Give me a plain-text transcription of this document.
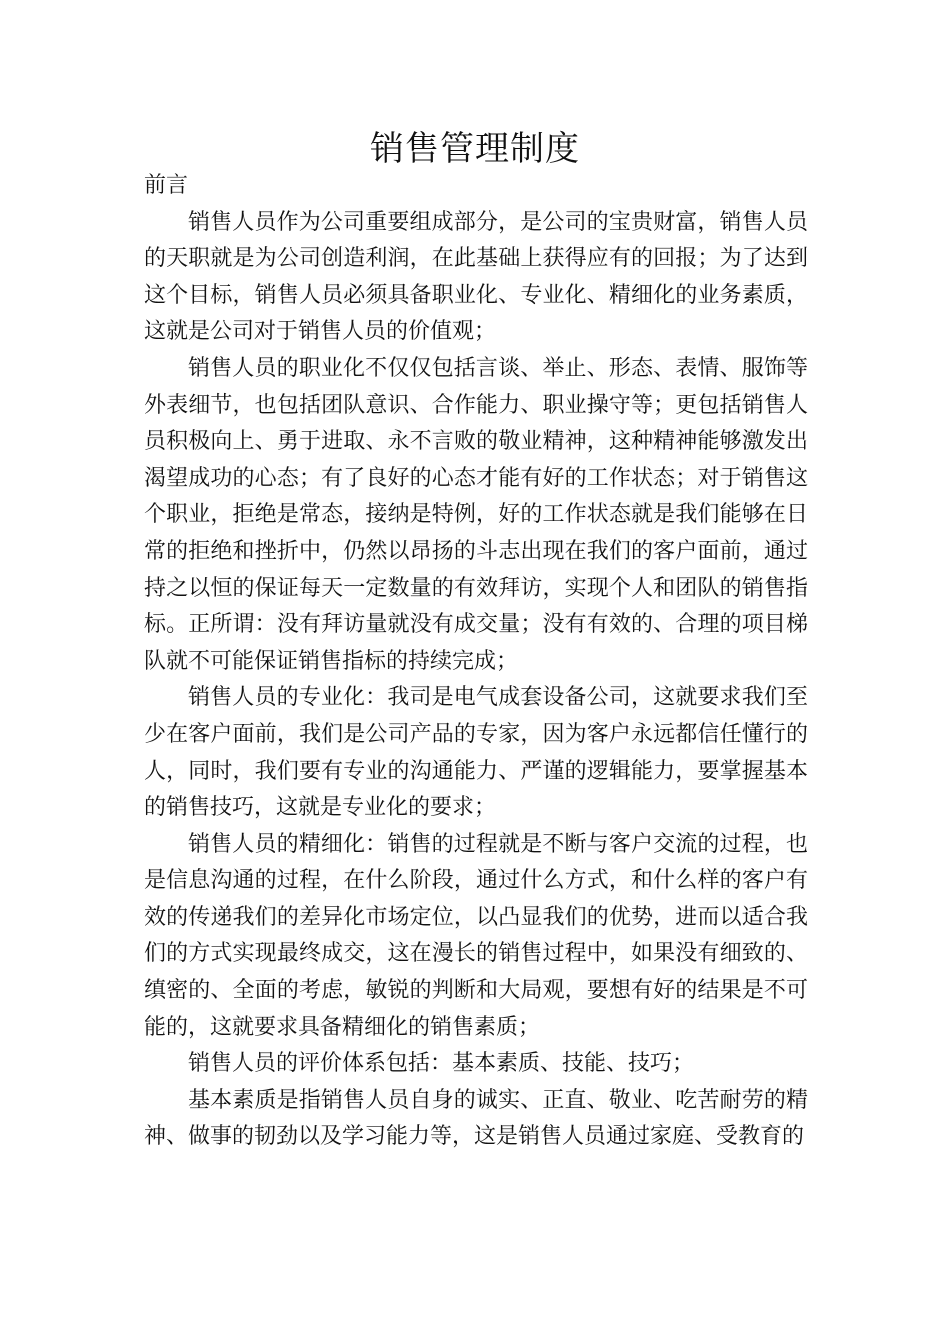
销售管理制度
前言

销售人员作为公司重要组成部分，是公司的宝贵财富，销售人员的天职就是为公司创造利润，在此基础上获得应有的回报；为了达到这个目标，销售人员必须具备职业化、专业化、精细化的业务素质，这就是公司对于销售人员的价值观；

销售人员的职业化不仅仅包括言谈、举止、形态、表情、服饰等外表细节，也包括团队意识、合作能力、职业操守等；更包括销售人员积极向上、勇于进取、永不言败的敬业精神，这种精神能够激发出渴望成功的心态；有了良好的心态才能有好的工作状态；对于销售这个职业，拒绝是常态，接纳是特例，好的工作状态就是我们能够在日常的拒绝和挫折中，仍然以昂扬的斗志出现在我们的客户面前，通过持之以恒的保证每天一定数量的有效拜访，实现个人和团队的销售指标。正所谓：没有拜访量就没有成交量；没有有效的、合理的项目梯队就不可能保证销售指标的持续完成；

销售人员的专业化：我司是电气成套设备公司，这就要求我们至少在客户面前，我们是公司产品的专家，因为客户永远都信任懂行的人，同时，我们要有专业的沟通能力、严谨的逻辑能力，要掌握基本的销售技巧，这就是专业化的要求；

销售人员的精细化：销售的过程就是不断与客户交流的过程，也是信息沟通的过程，在什么阶段，通过什么方式，和什么样的客户有效的传递我们的差异化市场定位，以凸显我们的优势，进而以适合我们的方式实现最终成交，这在漫长的销售过程中，如果没有细致的、缜密的、全面的考虑，敏锐的判断和大局观，要想有好的结果是不可能的，这就要求具备精细化的销售素质；

销售人员的评价体系包括：基本素质、技能、技巧；

基本素质是指销售人员自身的诚实、正直、敬业、吃苦耐劳的精神、做事的韧劲以及学习能力等，这是销售人员通过家庭、受教育的
